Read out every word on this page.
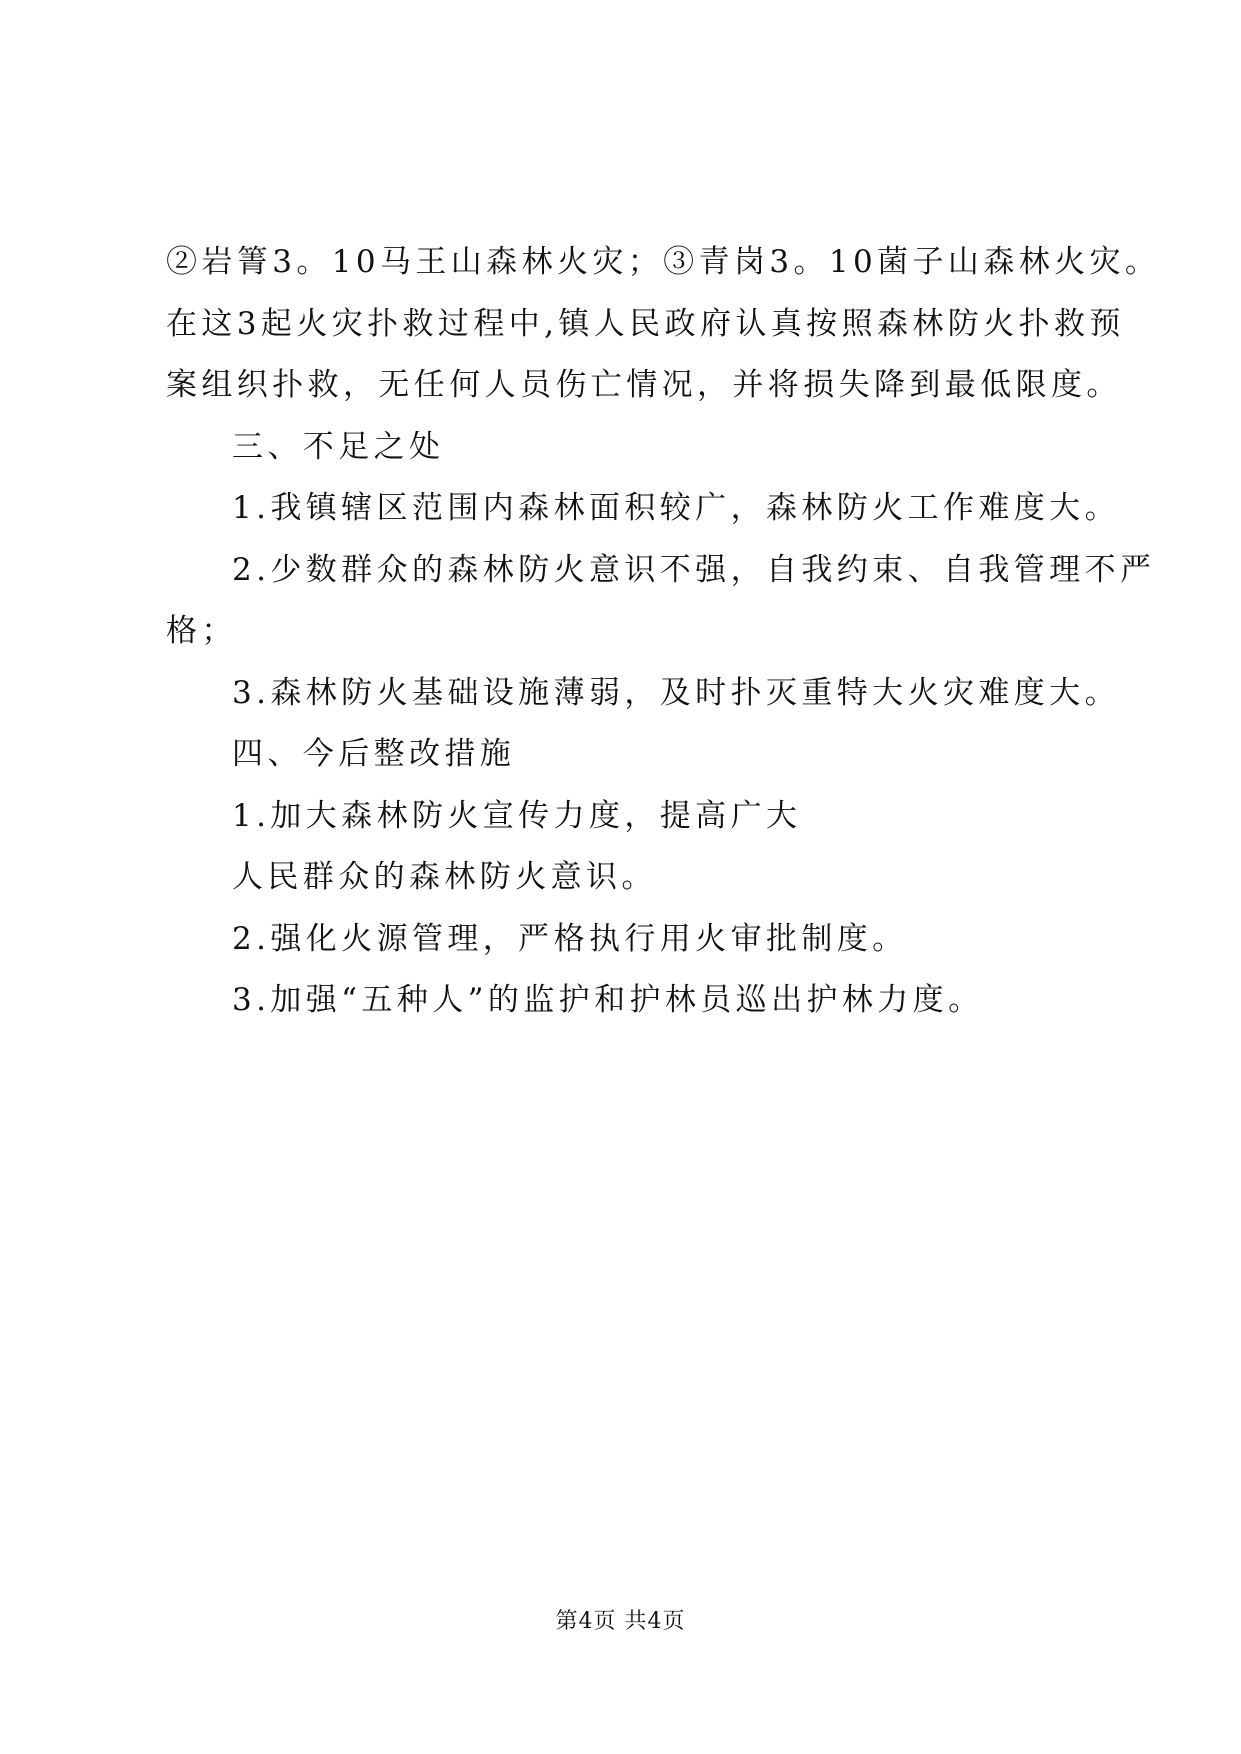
②岩箐3。10马王山森林火灾；③青岗3。10菌子山森林火灾。
在这3起火灾扑救过程中,镇人民政府认真按照森林防火扑救预
案组织扑救，无任何人员伤亡情况，并将损失降到最低限度。
三、不足之处
1.我镇辖区范围内森林面积较广，森林防火工作难度大。
2.少数群众的森林防火意识不强，自我约束、自我管理不严
格；
3.森林防火基础设施薄弱，及时扑灭重特大火灾难度大。
四、今后整改措施
1.加大森林防火宣传力度，提高广大
人民群众的森林防火意识。
2.强化火源管理，严格执行用火审批制度。
3.加强“五种人”的监护和护林员巡出护林力度。
第4页 共4页
